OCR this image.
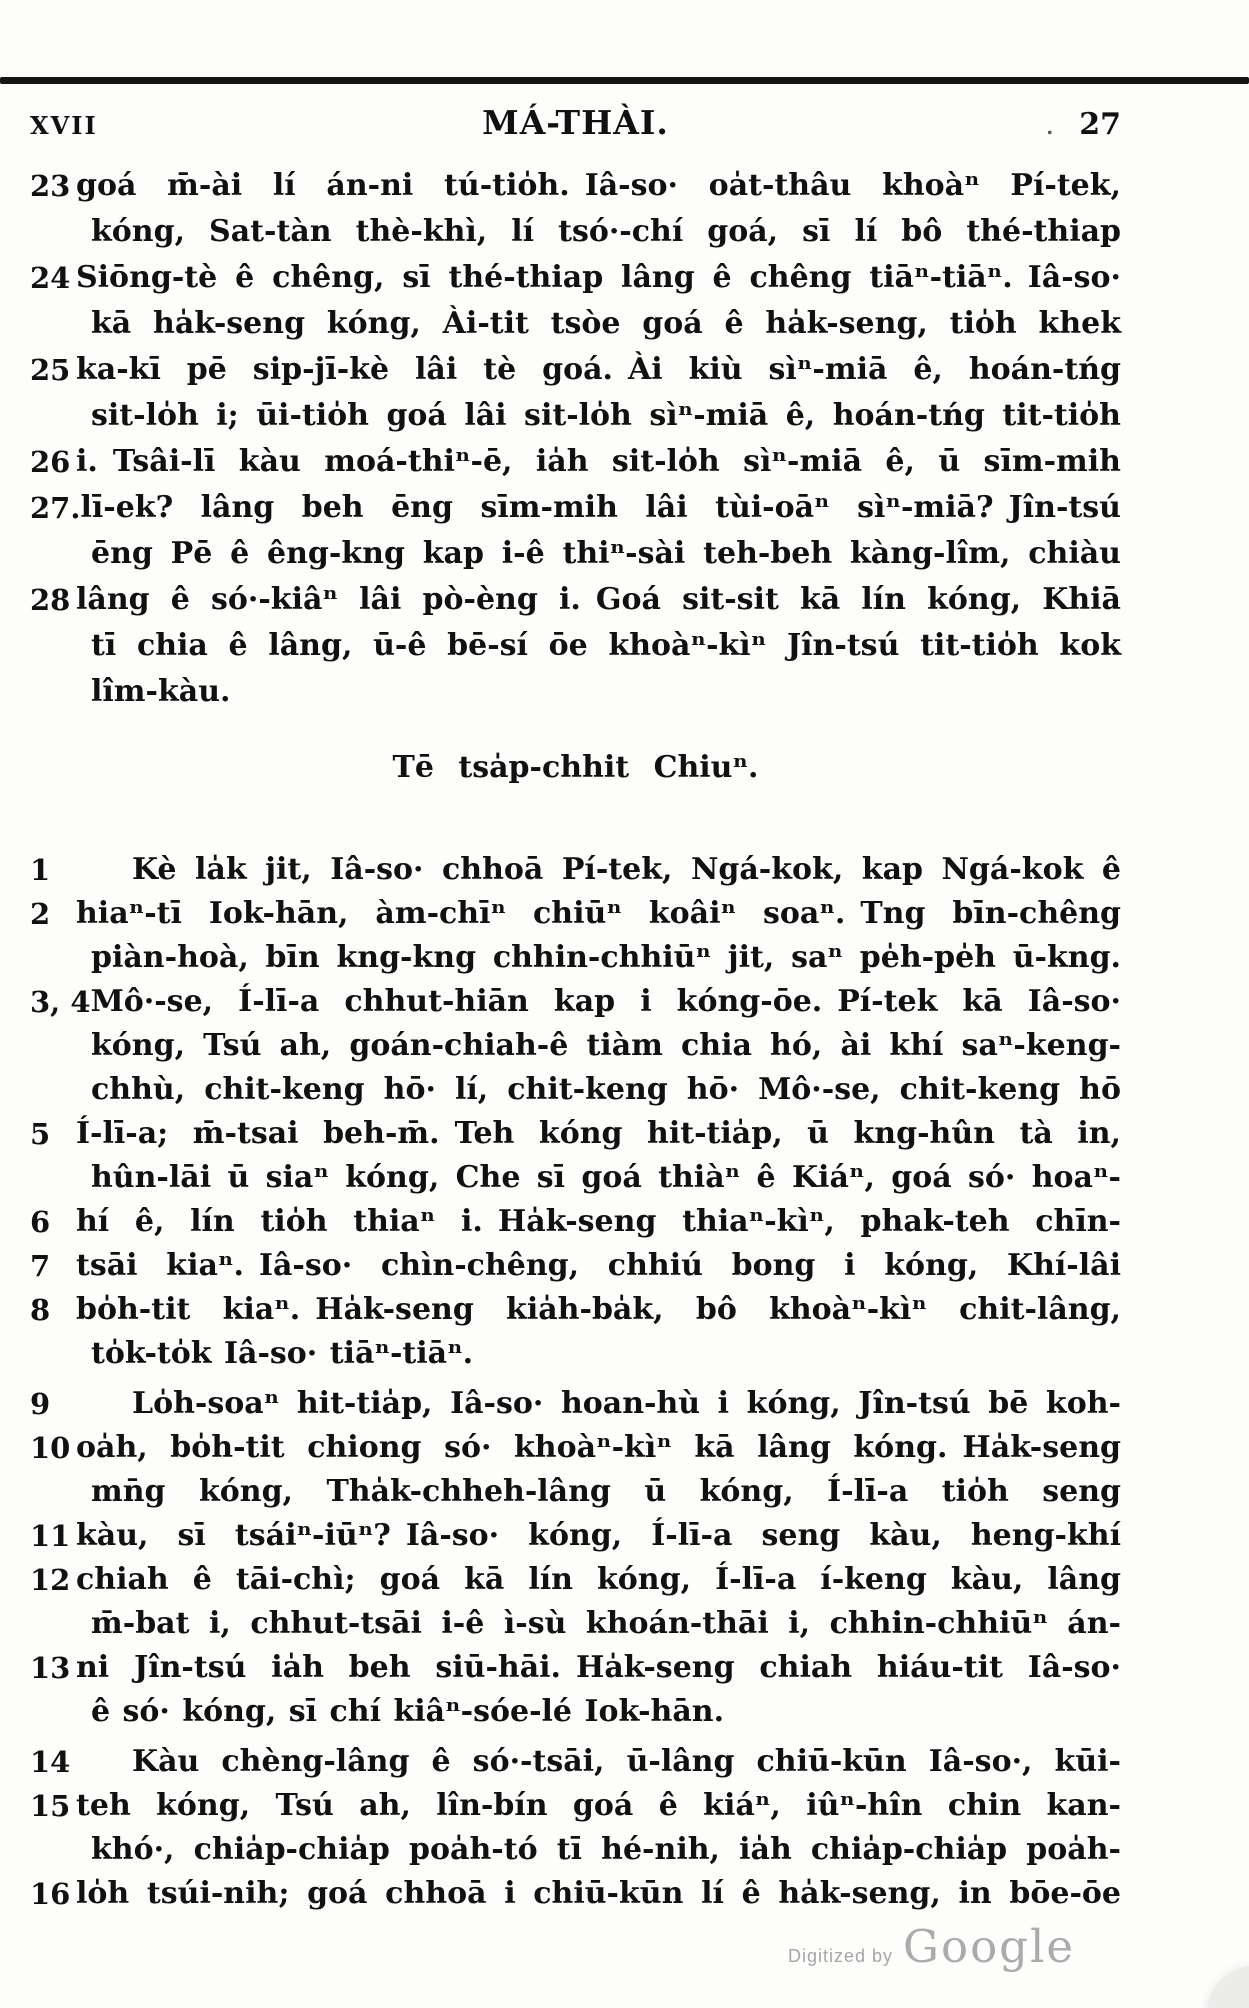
XVII	MÁ-THÀI.	. 27
23 goá m̄-ài lí án-ni tú-tio̍h. Iâ-so· oa̍t-thâu khoàⁿ Pí-tek,
kóng, Sat-tàn thè-khì, lí tsó·-chí goá, sī lí bô thé-thiap
24 Siōng-tè ê chêng, sī thé-thiap lâng ê chêng tiāⁿ-tiāⁿ. Iâ-so·
kā ha̍k-seng kóng, Ài-tit tsòe goá ê ha̍k-seng, tio̍h khek
25 ka-kī pē sip-jī-kè lâi tè goá. Ài kiù sìⁿ-miā ê, hoán-tńg
sit-lo̍h i; ūi-tio̍h goá lâi sit-lo̍h sìⁿ-miā ê, hoán-tńg tit-tio̍h
26 i. Tsâi-lī kàu moá-thiⁿ-ē, ia̍h sit-lo̍h sìⁿ-miā ê, ū sīm-mih
27. lī-ek? lâng beh ēng sīm-mih lâi tùi-oāⁿ sìⁿ-miā? Jîn-tsú
ēng Pē ê êng-kng kap i-ê thiⁿ-sài teh-beh kàng-lîm, chiàu
28 lâng ê só·-kiâⁿ lâi pò-èng i. Goá sit-sit kā lín kóng, Khiā
tī chia ê lâng, ū-ê bē-sí ōe khoàⁿ-kìⁿ Jîn-tsú tit-tio̍h kok
lîm-kàu.
Tē tsa̍p-chhit Chiuⁿ.
1	Kè la̍k jit, Iâ-so· chhoā Pí-tek, Ngá-kok, kap Ngá-kok ê
2 hiaⁿ-tī Iok-hān, àm-chīⁿ chiūⁿ koâiⁿ soaⁿ. Tng bīn-chêng
piàn-hoà, bīn kng-kng chhin-chhiūⁿ jit, saⁿ pe̍h-pe̍h ū-kng.
3, 4 Mô·-se, Í-lī-a chhut-hiān kap i kóng-ōe. Pí-tek kā Iâ-so·
kóng, Tsú ah, goán-chiah-ê tiàm chia hó, ài khí saⁿ-keng-
chhù, chit-keng hō· lí, chit-keng hō· Mô·-se, chit-keng hō
5 Í-lī-a; m̄-tsai beh-m̄. Teh kóng hit-tia̍p, ū kng-hûn tà in,
hûn-lāi ū siaⁿ kóng, Che sī goá thiàⁿ ê Kiáⁿ, goá só· hoaⁿ-
6 hí ê, lín tio̍h thiaⁿ i. Ha̍k-seng thiaⁿ-kìⁿ, phak-teh chīn-
7 tsāi kiaⁿ. Iâ-so· chìn-chêng, chhiú bong i kóng, Khí-lâi
8 bo̍h-tit kiaⁿ. Ha̍k-seng kia̍h-ba̍k, bô khoàⁿ-kìⁿ chit-lâng,
to̍k-to̍k Iâ-so· tiāⁿ-tiāⁿ.
9	Lo̍h-soaⁿ hit-tia̍p, Iâ-so· hoan-hù i kóng, Jîn-tsú bē koh-
10 oa̍h, bo̍h-tit chiong só· khoàⁿ-kìⁿ kā lâng kóng. Ha̍k-seng
mn̄g kóng, Tha̍k-chheh-lâng ū kóng, Í-lī-a tio̍h seng
11 kàu, sī tsáiⁿ-iūⁿ? Iâ-so· kóng, Í-lī-a seng kàu, heng-khí
12 chiah ê tāi-chì; goá kā lín kóng, Í-lī-a í-keng kàu, lâng
m̄-bat i, chhut-tsāi i-ê ì-sù khoán-thāi i, chhin-chhiūⁿ án-
13 ni Jîn-tsú ia̍h beh siū-hāi. Ha̍k-seng chiah hiáu-tit Iâ-so·
ê só· kóng, sī chí kiâⁿ-sóe-lé Iok-hān.
14	Kàu chèng-lâng ê só·-tsāi, ū-lâng chiū-kūn Iâ-so·, kūi-
15 teh kóng, Tsú ah, lîn-bín goá ê kiáⁿ, iûⁿ-hîn chin kan-
khó·, chia̍p-chia̍p poa̍h-tó tī hé-nih, ia̍h chia̍p-chia̍p poa̍h-
16 lo̍h tsúi-nih; goá chhoā i chiū-kūn lí ê ha̍k-seng, in bōe-ōe
Digitized by Google
